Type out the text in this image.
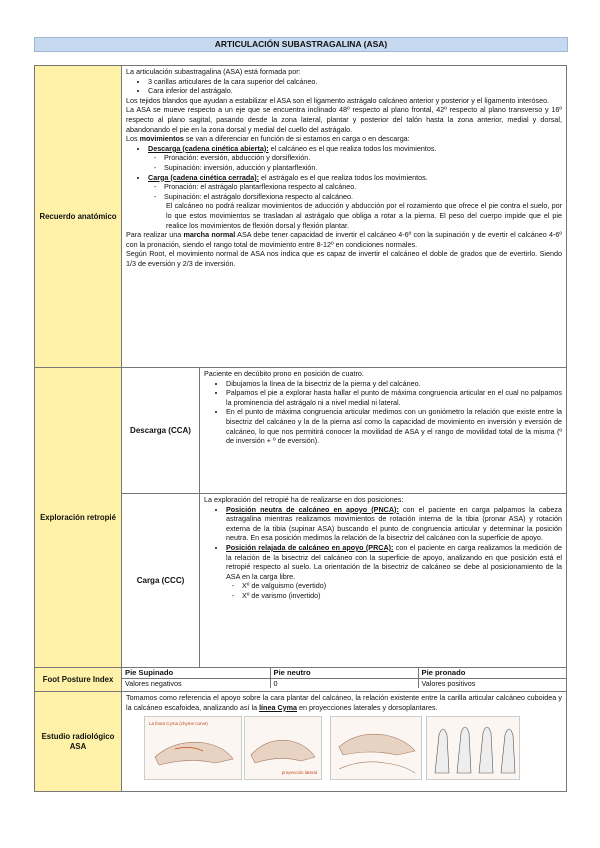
ARTICULACIÓN SUBASTRAGALINA (ASA)
Recuerdo anatómico	

La articulación subastragalina (ASA) está formada por:

• 3 carillas articulares de la cara superior del calcáneo.
• Cara inferior del astrágalo.

Los tejidos blandos que ayudan a estabilizar el ASA son el ligamento astrágalo calcáneo anterior y posterior y el ligamento interóseo.

La ASA se mueve respecto a un eje que se encuentra inclinado 48º respecto al plano frontal, 42º respecto al plano transverso y 16º respecto al plano sagital, pasando desde la zona lateral, plantar y posterior del talón hasta la zona anterior, medial y dorsal, abandonando el pie en la zona dorsal y medial del cuello del astrágalo.

Los movimientos se van a diferenciar en función de si estamos en carga o en descarga:

• Descarga (cadena cinética abierta): el calcáneo es el que realiza todos los movimientos.
- Pronación: eversión, abducción y dorsiflexión.
- Supinación: inversión, aducción y plantarflexión.
• Carga (cadena cinética cerrada): el astrágalo es el que realiza todos los movimientos.
- Pronación: el astrágalo plantarflexiona respecto al calcáneo.
- Supinación: el astrágalo dorsiflexiona respecto al calcáneo.

El calcáneo no podrá realizar movimientos de aducción y abducción por el rozamiento que ofrece el pie contra el suelo, por lo que estos movimientos se trasladan al astrágalo que obliga a rotar a la pierna. El peso del cuerpo impide que el pie realice los movimientos de flexión dorsal y flexión plantar.

Para realizar una marcha normal ASA debe tener capacidad de invertir el calcáneo 4-6º con la supinación y de evertir el calcáneo 4-6º con la pronación, siendo el rango total de movimiento entre 8-12º en condiciones normales.

Según Root, el movimiento normal de ASA nos indica que es capaz de invertir el calcáneo el doble de grados que de evertirlo. Siendo 1/3 de eversión y 2/3 de inversión.

Exploración retropié	Descarga (CCA)	

Paciente en decúbito prono en posición de cuatro.

• Dibujamos la línea de la bisectriz de la pierna y del calcáneo.
• Palpamos el pie a explorar hasta hallar el punto de máxima congruencia articular en el cual no palpamos la prominencia del astrágalo ni a nivel medial ni lateral.
• En el punto de máxima congruencia articular medimos con un goniómetro la relación que existe entre la bisectriz del calcáneo y la de la pierna así como la capacidad de movimiento en inversión y eversión de calcáneo, lo que nos permitirá conocer la movilidad de ASA y el rango de movilidad total de la misma (º de inversión + º de eversión).

Carga (CCC)	

La exploración del retropié ha de realizarse en dos posiciones:

• Posición neutra de calcáneo en apoyo (PNCA): con el paciente en carga palpamos la cabeza astragalina mientras realizamos movimientos de rotación interna de la tibia (pronar ASA) y rotación externa de la tibia (supinar ASA) buscando el punto de congruencia articular y determinar la posición neutra. En esa posición medimos la relación de la bisectriz del calcáneo con la superficie de apoyo.
• Posición relajada de calcáneo en apoyo (PRCA): con el paciente en carga realizamos la medición de la relación de la bisectriz del calcáneo con la superficie de apoyo, analizando en que posición está el retropié respecto al suelo. La orientación de la bisectriz de calcáneo se debe al posicionamiento de la ASA en la carga libre.
- Xº de valguismo (evertido)
- Xº de varismo (invertido)

Foot Posture Index	
Pie Supinado	Pie neutro	Pie pronado
Valores negativos	0	Valores positivos

Estudio radiológico ASA	

Tomamos como referencia el apoyo sobre la cara plantar del calcáneo, la relación existente entre la carilla articular calcáneo cuboidea y la calcáneo escafoidea, analizando así la línea Cyma en proyecciones laterales y dorsoplantares.

La línea Cyma (chyme curve)
proyección lateral
